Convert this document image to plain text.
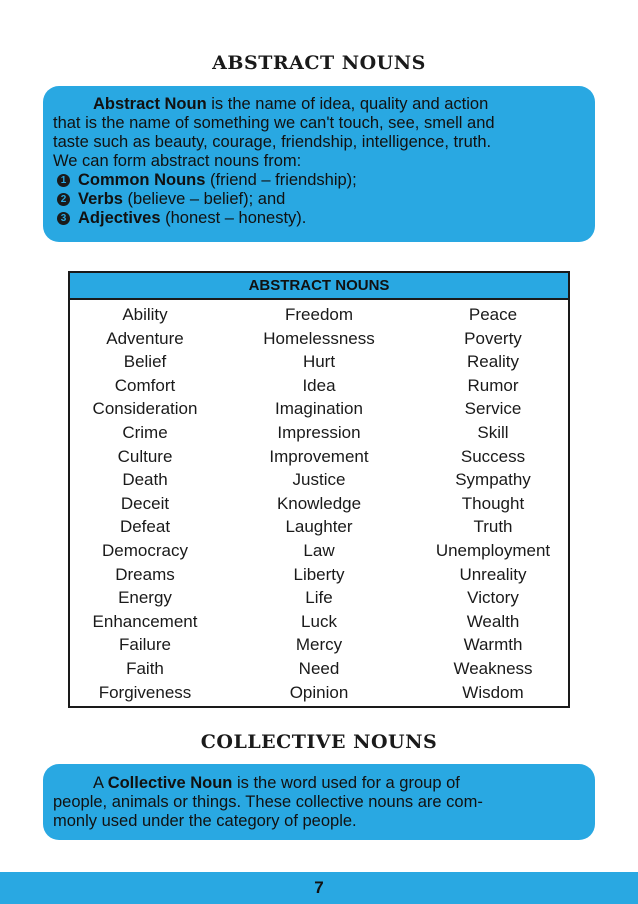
ABSTRACT NOUNS

Abstract Noun is the name of idea, quality and action

that is the name of something we can't touch, see, smell and

taste such as beauty, courage, friendship, intelligence, truth.

We can form abstract nouns from:

1 Common Nouns (friend – friendship);
2 Verbs (believe – belief); and
3 Adjectives (honest – honesty).
ABSTRACT NOUNS
Ability
Adventure
Belief
Comfort
Consideration
Crime
Culture
Death
Deceit
Defeat
Democracy
Dreams
Energy
Enhancement
Failure
Faith
Forgiveness
Freedom
Homelessness
Hurt
Idea
Imagination
Impression
Improvement
Justice
Knowledge
Laughter
Law
Liberty
Life
Luck
Mercy
Need
Opinion
Peace
Poverty
Reality
Rumor
Service
Skill
Success
Sympathy
Thought
Truth
Unemployment
Unreality
Victory
Wealth
Warmth
Weakness
Wisdom
COLLECTIVE NOUNS

A Collective Noun is the word used for a group of

people, animals or things. These collective nouns are com-

monly used under the category of people.

7
